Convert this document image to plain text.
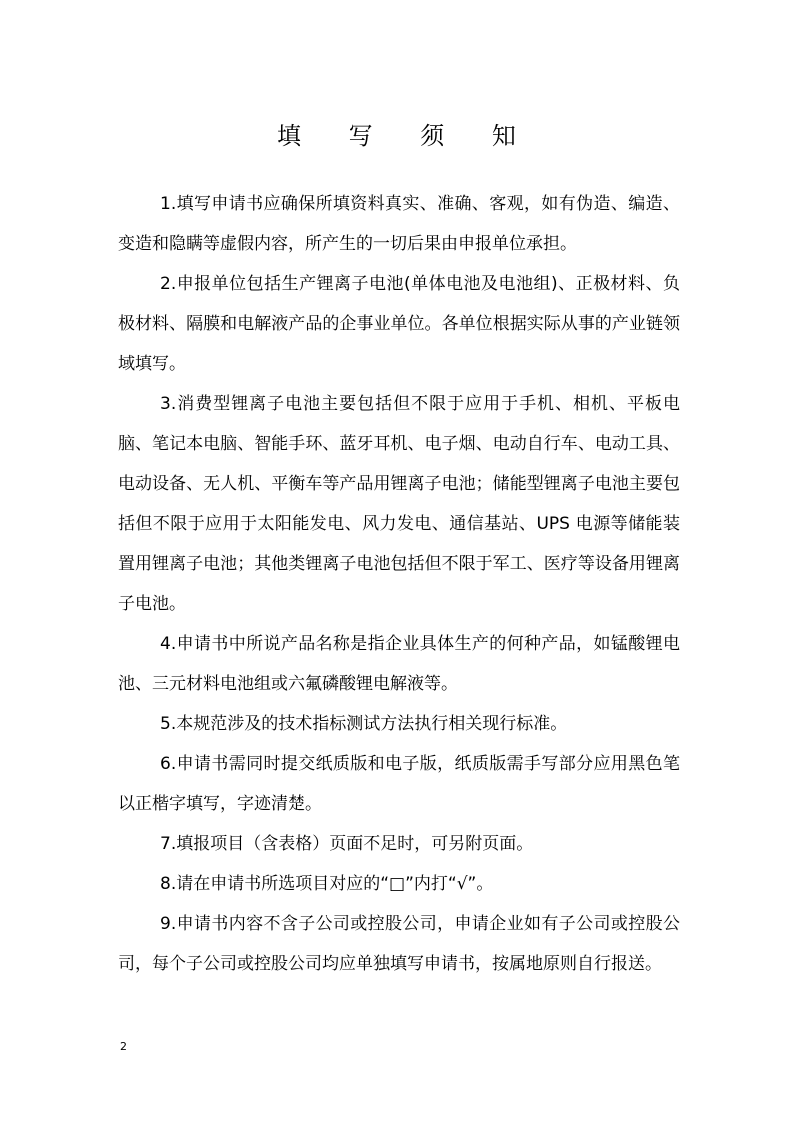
填 写 须 知

1.填写申请书应确保所填资料真实、准确、客观，如有伪造、编造、变造和隐瞒等虚假内容，所产生的一切后果由申报单位承担。

2.申报单位包括生产锂离子电池(单体电池及电池组)、正极材料、负极材料、隔膜和电解液产品的企事业单位。各单位根据实际从事的产业链领域填写。

3.消费型锂离子电池主要包括但不限于应用于手机、相机、平板电脑、笔记本电脑、智能手环、蓝牙耳机、电子烟、电动自行车、电动工具、电动设备、无人机、平衡车等产品用锂离子电池；储能型锂离子电池主要包括但不限于应用于太阳能发电、风力发电、通信基站、UPS 电源等储能装置用锂离子电池；其他类锂离子电池包括但不限于军工、医疗等设备用锂离子电池。

4.申请书中所说产品名称是指企业具体生产的何种产品，如锰酸锂电池、三元材料电池组或六氟磷酸锂电解液等。

5.本规范涉及的技术指标测试方法执行相关现行标准。

6.申请书需同时提交纸质版和电子版，纸质版需手写部分应用黑色笔以正楷字填写，字迹清楚。

7.填报项目（含表格）页面不足时，可另附页面。

8.请在申请书所选项目对应的“□”内打“√”。

9.申请书内容不含子公司或控股公司，申请企业如有子公司或控股公司，每个子公司或控股公司均应单独填写申请书，按属地原则自行报送。

2
